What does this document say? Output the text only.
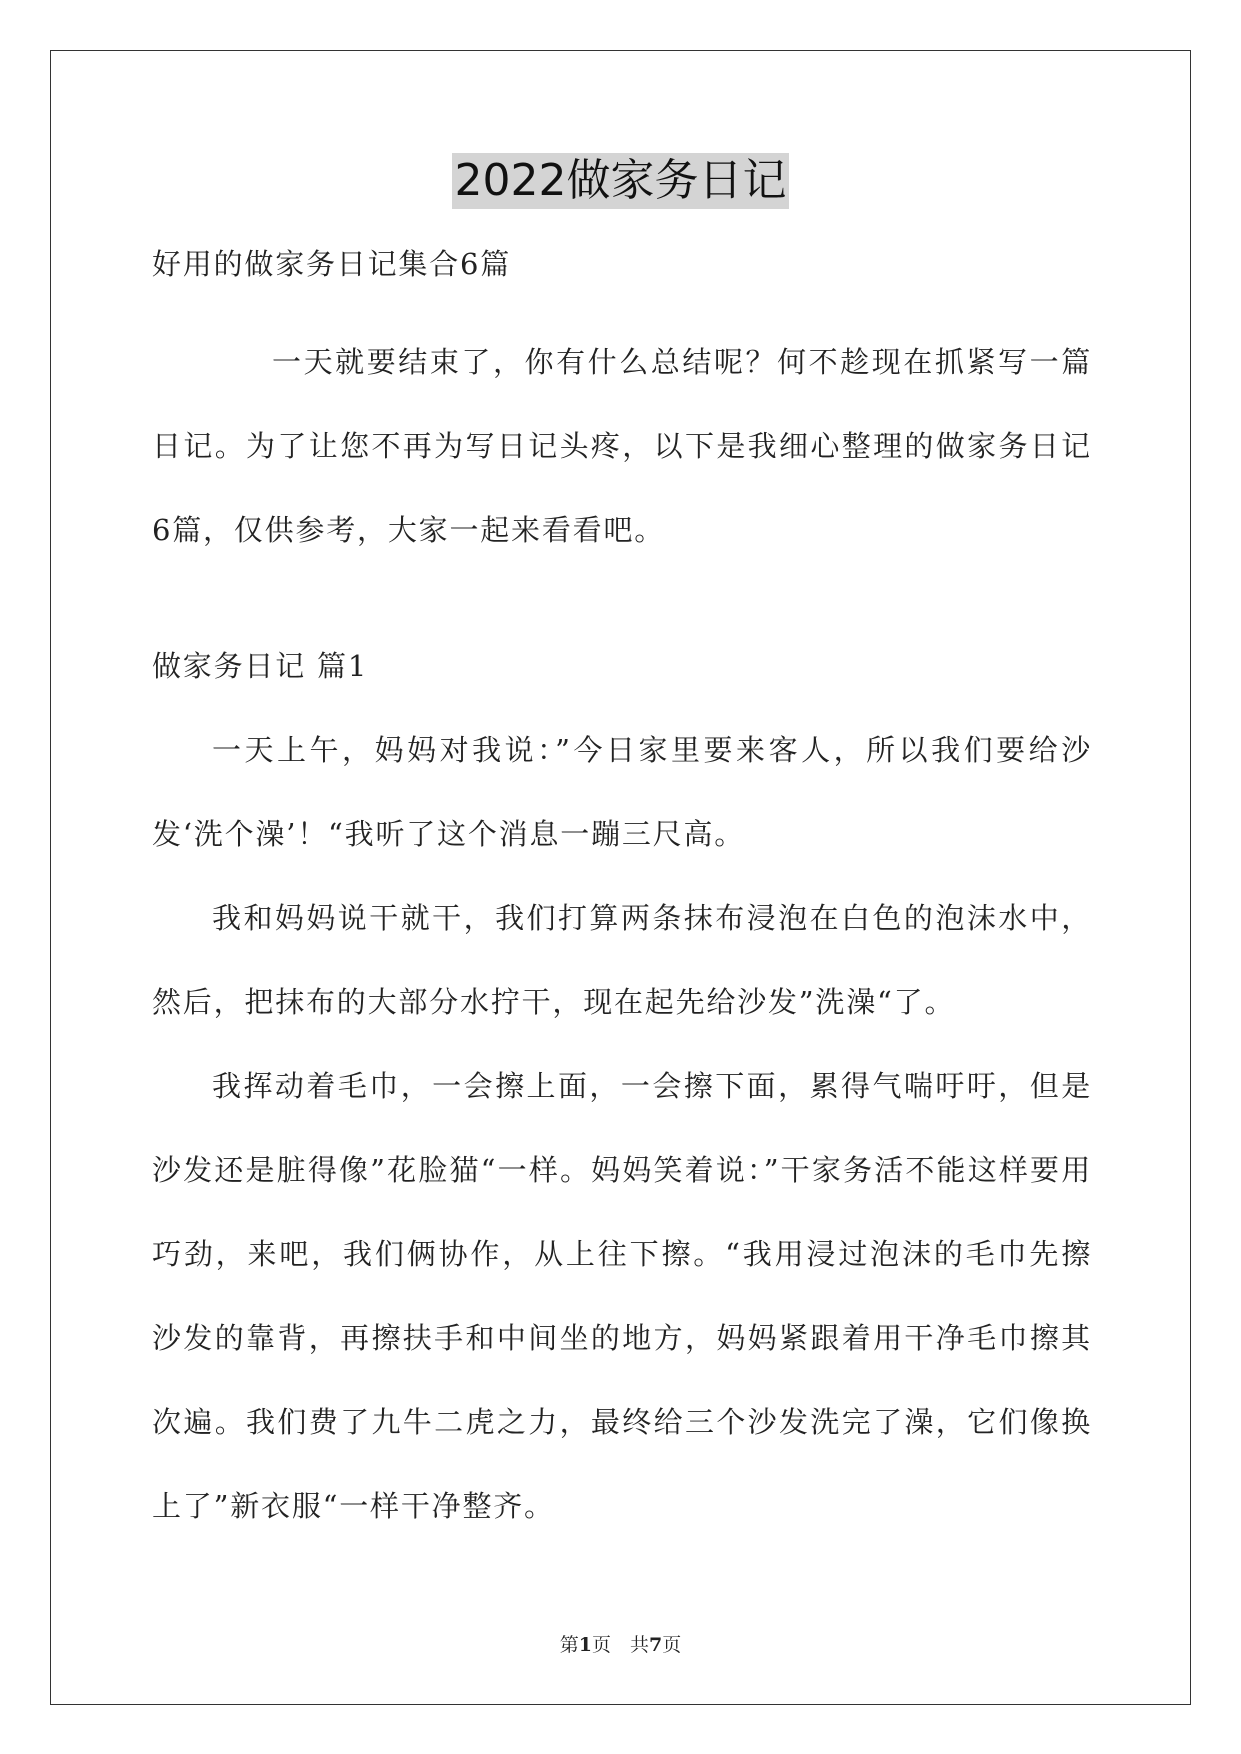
2022做家务日记

好用的做家务日记集合6篇

一天就要结束了，你有什么总结呢？何不趁现在抓紧写一篇日记。为了让您不再为写日记头疼，以下是我细心整理的做家务日记6篇，仅供参考，大家一起来看看吧。

做家务日记 篇1

一天上午，妈妈对我说：”今日家里要来客人，所以我们要给沙发‘洗个澡’！“我听了这个消息一蹦三尺高。

我和妈妈说干就干，我们打算两条抹布浸泡在白色的泡沫水中，然后，把抹布的大部分水拧干，现在起先给沙发”洗澡“了。

我挥动着毛巾，一会擦上面，一会擦下面，累得气喘吁吁，但是沙发还是脏得像”花脸猫“一样。妈妈笑着说：”干家务活不能这样要用巧劲，来吧，我们俩协作，从上往下擦。“我用浸过泡沫的毛巾先擦沙发的靠背，再擦扶手和中间坐的地方，妈妈紧跟着用干净毛巾擦其次遍。我们费了九牛二虎之力，最终给三个沙发洗完了澡，它们像换上了”新衣服“一样干净整齐。

第1页　共7页
